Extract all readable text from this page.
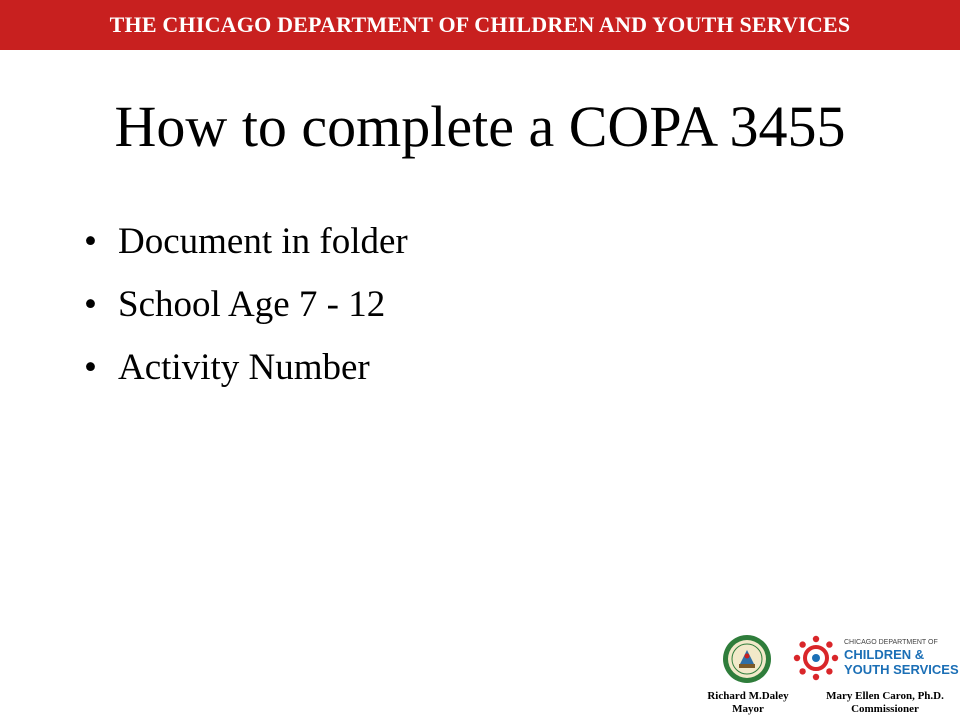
THE CHICAGO DEPARTMENT OF CHILDREN AND YOUTH SERVICES
How to complete a COPA 3455
• Document in folder
• School Age 7 - 12
• Activity Number
CHICAGO DEPARTMENT OF
CHILDREN &
YOUTH SERVICES
Richard M.Daley
Mayor
Mary Ellen Caron, Ph.D.
Commissioner
